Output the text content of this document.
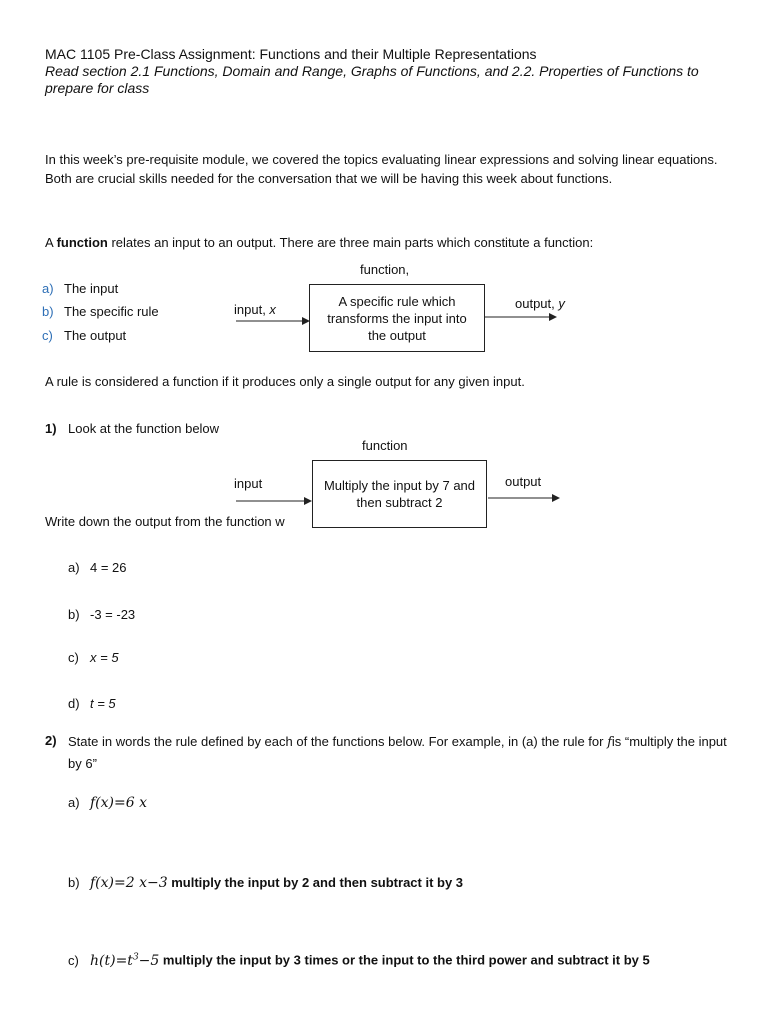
MAC 1105 Pre-Class Assignment: Functions and their Multiple Representations
Read section 2.1 Functions, Domain and Range, Graphs of Functions, and 2.2. Properties of Functions to prepare for class
In this week’s pre-requisite module, we covered the topics evaluating linear expressions and solving linear equations. Both are crucial skills needed for the conversation that we will be having this week about functions.
A function relates an input to an output. There are three main parts which constitute a function:
a) The input
b) The specific rule
c) The output
function,
input, x
A specific rule which transforms the input into the output
output, y
A rule is considered a function if it produces only a single output for any given input.
1) Look at the function below
Write down the output from the function w
function
input	Multiply the input by 7 and then subtract 2
output
a) 4 = 26
b) -3 = -23
c) x = 5
d) t = 5
2) State in words the rule defined by each of the functions below. For example, in (a) the rule for fis “multiply the input by 6”
a) f(x)=6 x
b) f(x)=2 x−3 multiply the input by 2 and then subtract it by 3
c) $h(t)=t^3-5$ multiply the input by 3 times or the input to the third power and subtract it by 5
